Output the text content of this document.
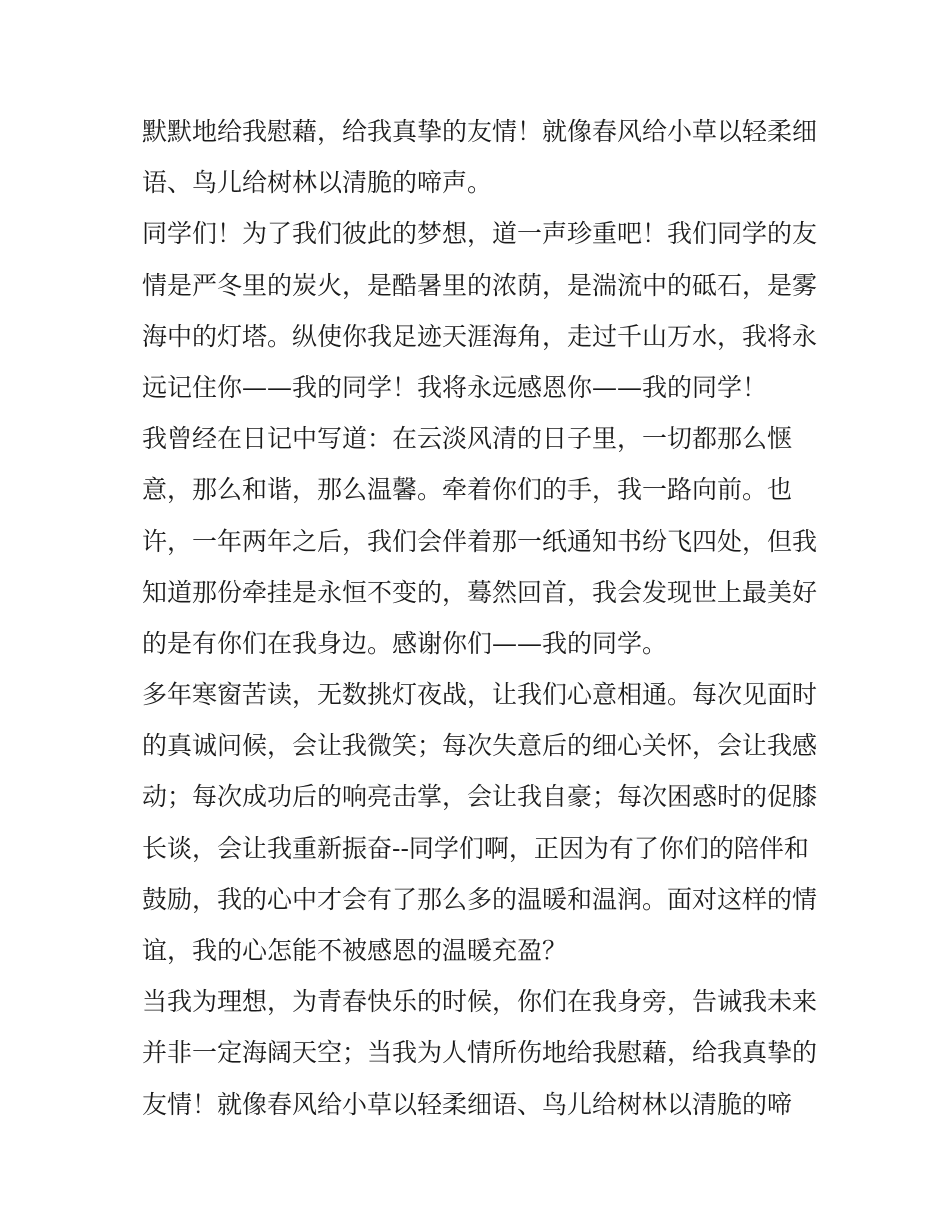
默默地给我慰藉，给我真挚的友情！就像春风给小草以轻柔细
语、鸟儿给树林以清脆的啼声。
同学们！为了我们彼此的梦想，道一声珍重吧！我们同学的友
情是严冬里的炭火，是酷暑里的浓荫，是湍流中的砥石，是雾
海中的灯塔。纵使你我足迹天涯海角，走过千山万水，我将永
远记住你——我的同学！我将永远感恩你——我的同学！
我曾经在日记中写道：在云淡风清的日子里，一切都那么惬
意，那么和谐，那么温馨。牵着你们的手，我一路向前。也
许，一年两年之后，我们会伴着那一纸通知书纷飞四处，但我
知道那份牵挂是永恒不变的，蓦然回首，我会发现世上最美好
的是有你们在我身边。感谢你们——我的同学。
多年寒窗苦读，无数挑灯夜战，让我们心意相通。每次见面时
的真诚问候，会让我微笑；每次失意后的细心关怀，会让我感
动；每次成功后的响亮击掌，会让我自豪；每次困惑时的促膝
长谈，会让我重新振奋--同学们啊，正因为有了你们的陪伴和
鼓励，我的心中才会有了那么多的温暖和温润。面对这样的情
谊，我的心怎能不被感恩的温暖充盈？
当我为理想，为青春快乐的时候，你们在我身旁，告诫我未来
并非一定海阔天空；当我为人情所伤地给我慰藉，给我真挚的
友情！就像春风给小草以轻柔细语、鸟儿给树林以清脆的啼
